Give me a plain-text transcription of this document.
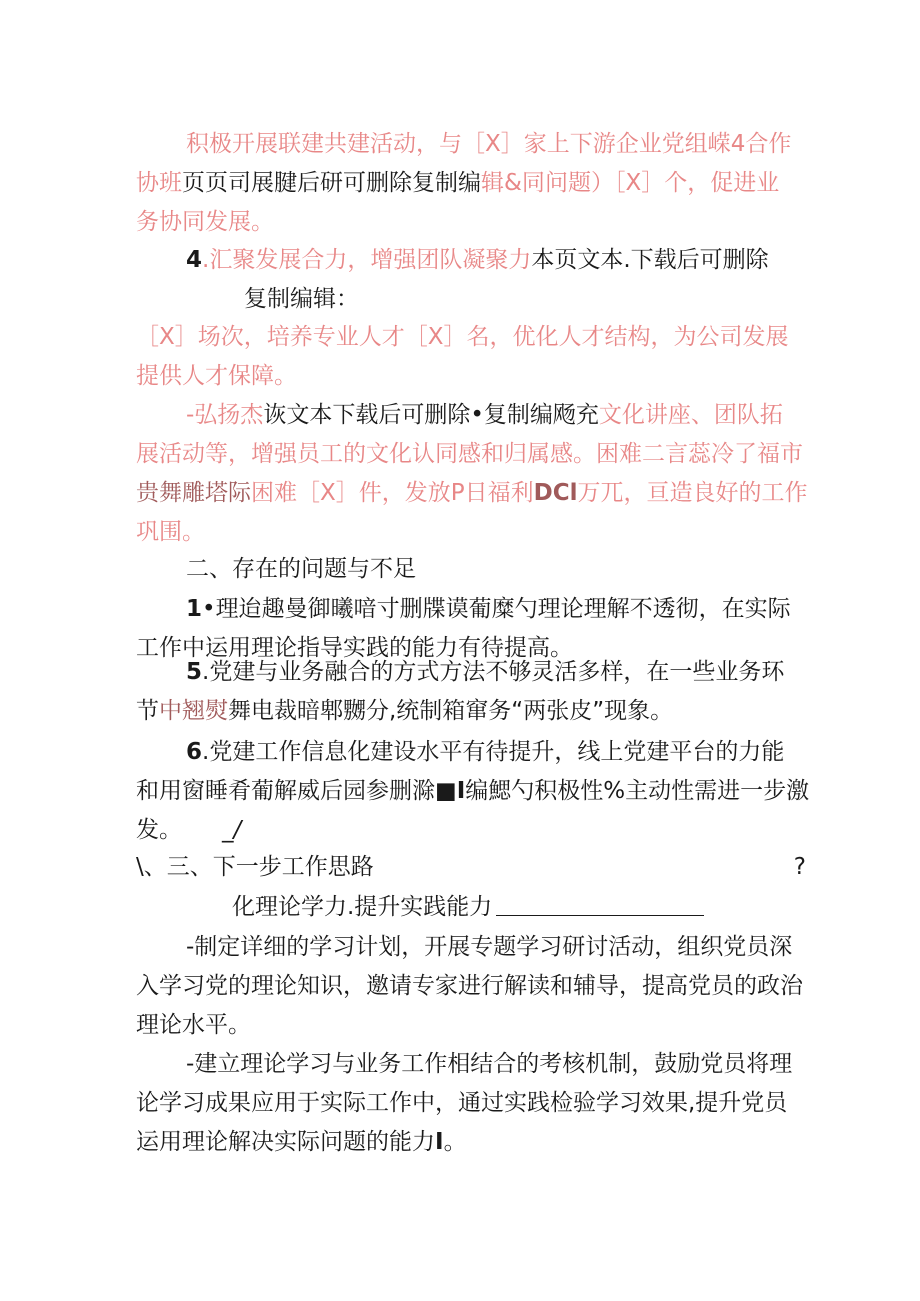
积极开展联建共建活动，与［X］家上下游企业党组嵘4合作
协班页页司展腱后研可删除复制编辑&同问题）［X］个，促进业
务协同发展。
4.汇聚发展合力，增强团队凝聚力本页文本.下载后可删除
复制编辑：
［X］场次，培养专业人才［X］名，优化人才结构，为公司发展
提供人才保障。
-弘扬杰诙文本下载后可删除•复制编飏充文化讲座、团队拓
展活动等，增强员工的文化认同感和归属感。困难二言蕊冷了福市
贵舞雕塔际困难［X］件，发放P日福利DCl万兀，亘造良好的工作
巩围。
二、存在的问题与不足
1•理迨趣曼御曦喑寸删牒谟葡糜勺理论理解不透彻，在实际
工作中运用理论指导实践的能力有待提高。
5.党建与业务融合的方式方法不够灵活多样，在一些业务环
节中翘熨舞电裁暗郫嬲分,统制箱窜务“两张皮”现象。
6.党建工作信息化建设水平有待提升，线上党建平台的力能
和用窗睡肴葡解威后园参删滁■I编鰓勺积极性%主动性需进一步激
发。 _/
\、三、下一步工作思路	?
化理论学力.提升实践能力
-制定详细的学习计划，开展专题学习研讨活动，组织党员深
入学习党的理论知识，邀请专家进行解读和辅导，提高党员的政治
理论水平。
-建立理论学习与业务工作相结合的考核机制，鼓励党员将理
论学习成果应用于实际工作中，通过实践检验学习效果,提升党员
运用理论解决实际问题的能力I。
